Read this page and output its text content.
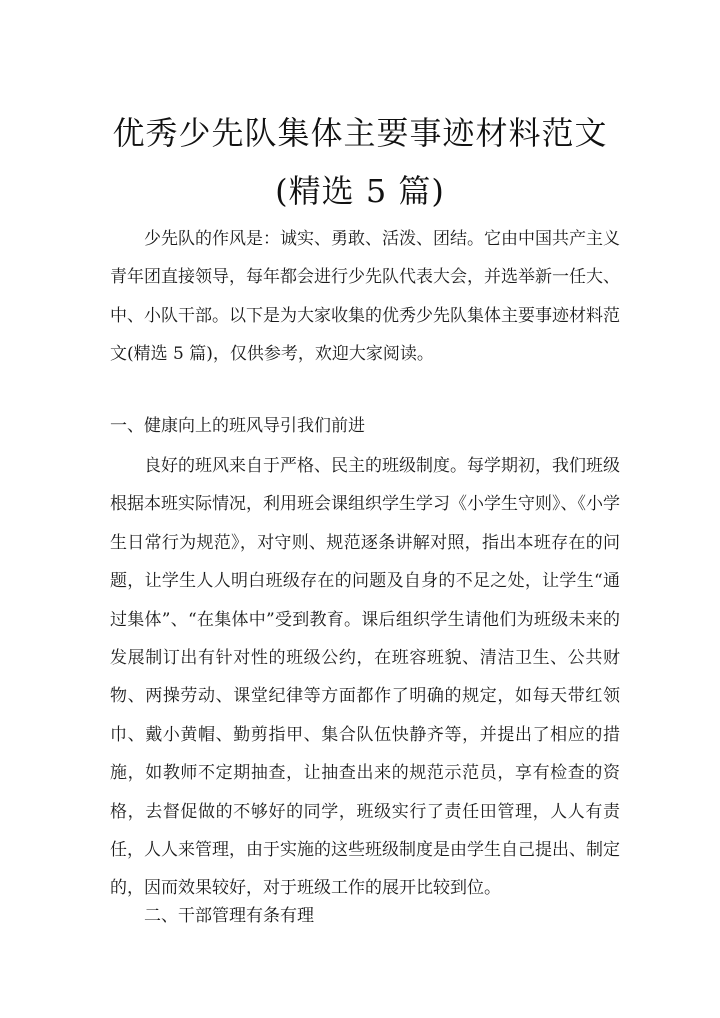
优秀少先队集体主要事迹材料范文
(精选 5 篇)
少先队的作风是：诚实、勇敢、活泼、团结。它由中国共产主义青年团直接领导，每年都会进行少先队代表大会，并选举新一任大、中、小队干部。以下是为大家收集的优秀少先队集体主要事迹材料范文(精选 5 篇)，仅供参考，欢迎大家阅读。
一、健康向上的班风导引我们前进
良好的班风来自于严格、民主的班级制度。每学期初，我们班级根据本班实际情况，利用班会课组织学生学习《小学生守则》、《小学生日常行为规范》，对守则、规范逐条讲解对照，指出本班存在的问题，让学生人人明白班级存在的问题及自身的不足之处，让学生“通过集体”、“在集体中”受到教育。课后组织学生请他们为班级未来的发展制订出有针对性的班级公约，在班容班貌、清洁卫生、公共财物、两操劳动、课堂纪律等方面都作了明确的规定，如每天带红领巾、戴小黄帽、勤剪指甲、集合队伍快静齐等，并提出了相应的措施，如教师不定期抽查，让抽查出来的规范示范员，享有检查的资格，去督促做的不够好的同学，班级实行了责任田管理，人人有责任，人人来管理，由于实施的这些班级制度是由学生自己提出、制定的，因而效果较好，对于班级工作的展开比较到位。
二、干部管理有条有理
